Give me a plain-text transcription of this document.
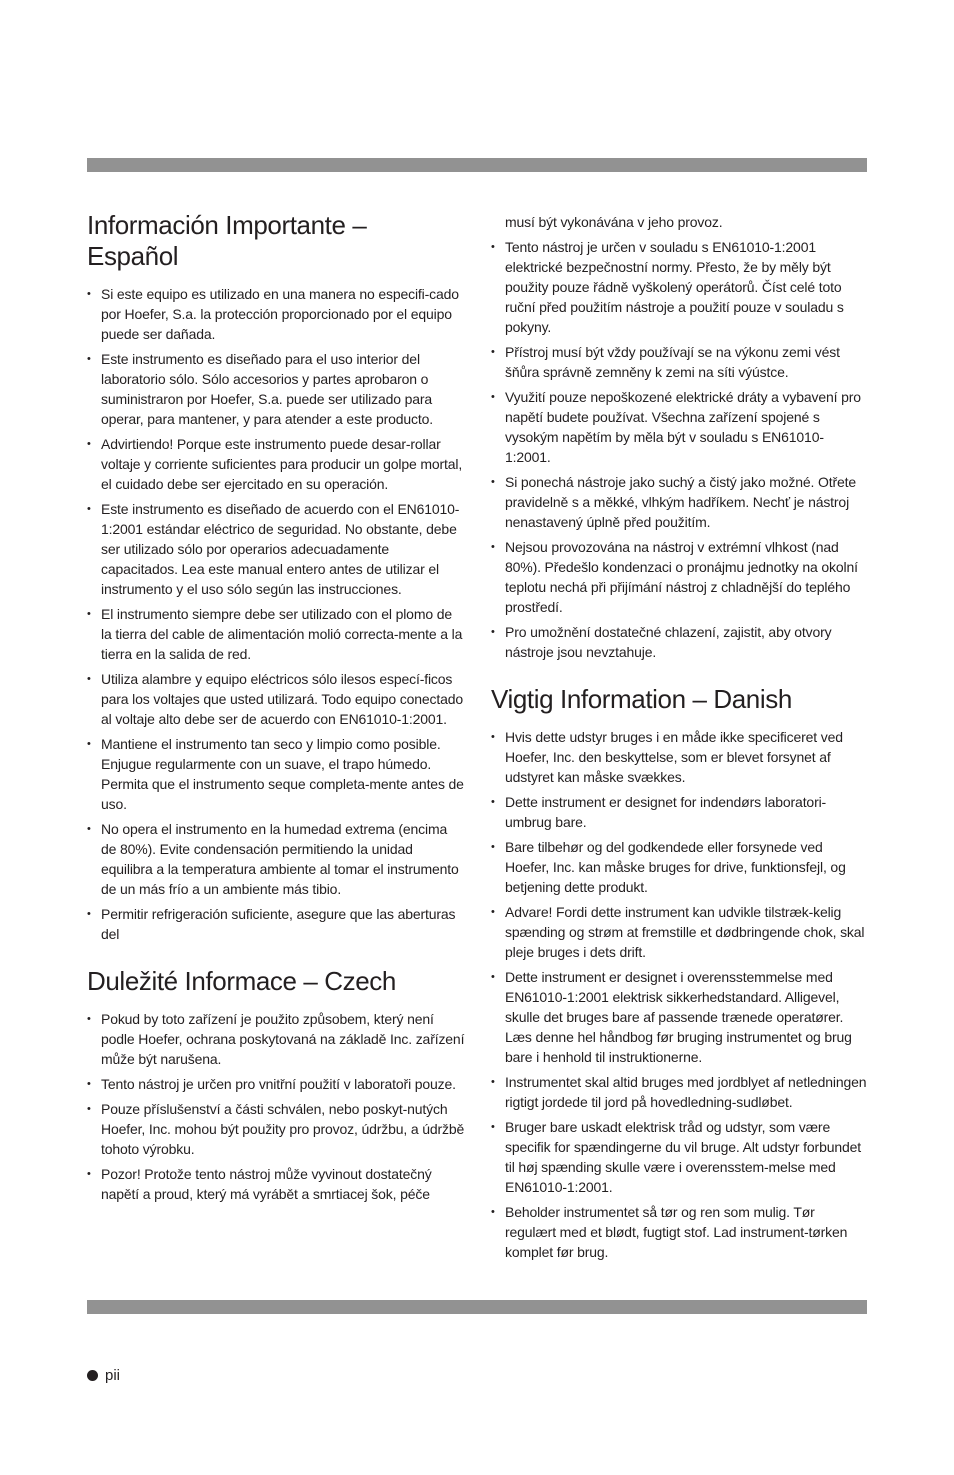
Información Importante – Español
• Si este equipo es utilizado en una manera no especifi-cado por Hoefer, S.a. la protección proporcionado por el equipo puede ser dañada.
• Este instrumento es diseñado para el uso interior del laboratorio sólo. Sólo accesorios y partes aprobaron o suministraron por Hoefer, S.a. puede ser utilizado para operar, para mantener, y para atender a este producto.
• Advirtiendo! Porque este instrumento puede desar-rollar voltaje y corriente suficientes para producir un golpe mortal, el cuidado debe ser ejercitado en su operación.
• Este instrumento es diseñado de acuerdo con el EN61010-1:2001 estándar eléctrico de seguridad. No obstante, debe ser utilizado sólo por operarios adecuadamente capacitados. Lea este manual entero antes de utilizar el instrumento y el uso sólo según las instrucciones.
• El instrumento siempre debe ser utilizado con el plomo de la tierra del cable de alimentación molió correcta-mente a la tierra en la salida de red.
• Utiliza alambre y equipo eléctricos sólo ilesos especí-ficos para los voltajes que usted utilizará. Todo equipo conectado al voltaje alto debe ser de acuerdo con EN61010-1:2001.
• Mantiene el instrumento tan seco y limpio como posible. Enjugue regularmente con un suave, el trapo húmedo. Permita que el instrumento seque completa-mente antes de uso.
• No opera el instrumento en la humedad extrema (encima de 80%). Evite condensación permitiendo la unidad equilibra a la temperatura ambiente al tomar el instrumento de un más frío a un ambiente más tibio.
• Permitir refrigeración suficiente, asegure que las aberturas del
Duležité Informace – Czech
• Pokud by toto zařízení je použito způsobem, který není podle Hoefer, ochrana poskytovaná na základě Inc. zařízení může být narušena.
• Tento nástroj je určen pro vnitřní použití v laboratoři pouze.
• Pouze příslušenství a části schválen, nebo poskyt-nutých Hoefer, Inc. mohou být použity pro provoz, údržbu, a údržbě tohoto výrobku.
• Pozor! Protože tento nástroj může vyvinout dostatečný napětí a proud, který má vyrábět a smrtiacej šok, péče

musí být vykonávána v jeho provoz.

• Tento nástroj je určen v souladu s EN61010-1:2001 elektrické bezpečnostní normy. Přesto, že by měly být použity pouze řádně vyškolený operátorů. Číst celé toto ruční před použitím nástroje a použití pouze v souladu s pokyny.
• Přístroj musí být vždy používají se na výkonu zemi vést šňůra správně zemněny k zemi na síti výústce.
• Využití pouze nepoškozené elektrické dráty a vybavení pro napětí budete používat. Všechna zařízení spojené s vysokým napětím by měla být v souladu s EN61010-1:2001.
• Si ponechá nástroje jako suchý a čistý jako možné. Otřete pravidelně s a měkké, vlhkým hadříkem. Nechť je nástroj nenastavený úplně před použitím.
• Nejsou provozována na nástroj v extrémní vlhkost (nad 80%). Předešlo kondenzaci o pronájmu jednotky na okolní teplotu nechá při přijímání nástroj z chladnější do teplého prostředí.
• Pro umožnění dostatečné chlazení, zajistit, aby otvory nástroje jsou nevztahuje.
Vigtig Information – Danish
• Hvis dette udstyr bruges i en måde ikke specificeret ved Hoefer, Inc. den beskyttelse, som er blevet forsynet af udstyret kan måske svækkes.
• Dette instrument er designet for indendørs laboratori-umbrug bare.
• Bare tilbehør og del godkendede eller forsynede ved Hoefer, Inc. kan måske bruges for drive, funktionsfejl, og betjening dette produkt.
• Advare! Fordi dette instrument kan udvikle tilstræk-kelig spænding og strøm at fremstille et dødbringende chok, skal pleje bruges i dets drift.
• Dette instrument er designet i overensstemmelse med EN61010-1:2001 elektrisk sikkerhedstandard. Alligevel, skulle det bruges bare af passende trænede operatører. Læs denne hel håndbog før bruging instrumentet og brug bare i henhold til instruktionerne.
• Instrumentet skal altid bruges med jordblyet af netledningen rigtigt jordede til jord på hovedledning-sudløbet.
• Bruger bare uskadt elektrisk tråd og udstyr, som være specifik for spændingerne du vil bruge. Alt udstyr forbundet til høj spænding skulle være i overensstem-melse med EN61010-1:2001.
• Beholder instrumentet så tør og ren som mulig. Tør regulært med et blødt, fugtigt stof. Lad instrument-tørken komplet før brug.
pii
